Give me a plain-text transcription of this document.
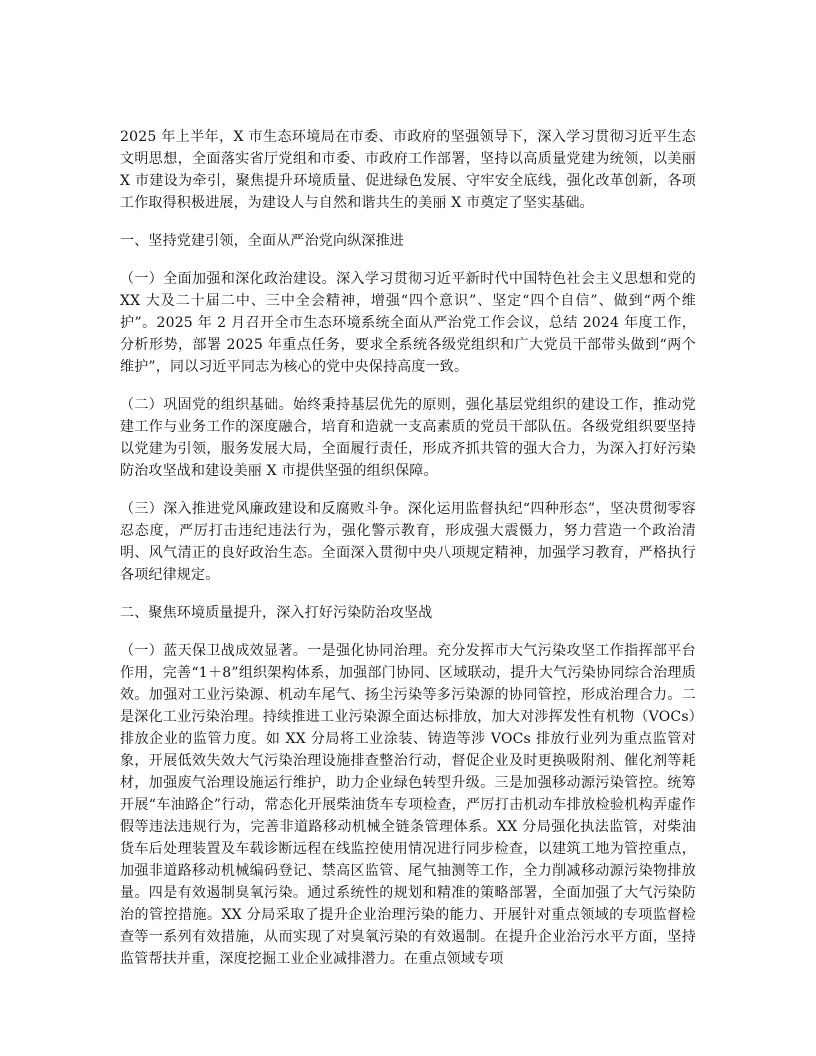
2025 年上半年，X 市生态环境局在市委、市政府的坚强领导下，深入学习贯彻习近平生态文明思想，全面落实省厅党组和市委、市政府工作部署，坚持以高质量党建为统领，以美丽 X 市建设为牵引，聚焦提升环境质量、促进绿色发展、守牢安全底线，强化改革创新，各项工作取得积极进展，为建设人与自然和谐共生的美丽 X 市奠定了坚实基础。

一、坚持党建引领，全面从严治党向纵深推进

（一）全面加强和深化政治建设。深入学习贯彻习近平新时代中国特色社会主义思想和党的 XX 大及二十届二中、三中全会精神，增强“四个意识”、坚定“四个自信”、做到“两个维护”。2025 年 2 月召开全市生态环境系统全面从严治党工作会议，总结 2024 年度工作，分析形势，部署 2025 年重点任务，要求全系统各级党组织和广大党员干部带头做到“两个维护”，同以习近平同志为核心的党中央保持高度一致。

（二）巩固党的组织基础。始终秉持基层优先的原则，强化基层党组织的建设工作，推动党建工作与业务工作的深度融合，培育和造就一支高素质的党员干部队伍。各级党组织要坚持以党建为引领，服务发展大局，全面履行责任，形成齐抓共管的强大合力，为深入打好污染防治攻坚战和建设美丽 X 市提供坚强的组织保障。

（三）深入推进党风廉政建设和反腐败斗争。深化运用监督执纪“四种形态”，坚决贯彻零容忍态度，严厉打击违纪违法行为，强化警示教育，形成强大震慑力，努力营造一个政治清明、风气清正的良好政治生态。全面深入贯彻中央八项规定精神，加强学习教育，严格执行各项纪律规定。

二、聚焦环境质量提升，深入打好污染防治攻坚战

（一）蓝天保卫战成效显著。一是强化协同治理。充分发挥市大气污染攻坚工作指挥部平台作用，完善“1＋8”组织架构体系，加强部门协同、区域联动，提升大气污染协同综合治理质效。加强对工业污染源、机动车尾气、扬尘污染等多污染源的协同管控，形成治理合力。二是深化工业污染治理。持续推进工业污染源全面达标排放，加大对涉挥发性有机物（VOCs）排放企业的监管力度。如 XX 分局将工业涂装、铸造等涉 VOCs 排放行业列为重点监管对象，开展低效失效大气污染治理设施排查整治行动，督促企业及时更换吸附剂、催化剂等耗材，加强废气治理设施运行维护，助力企业绿色转型升级。三是加强移动源污染管控。统筹开展“车油路企”行动，常态化开展柴油货车专项检查，严厉打击机动车排放检验机构弄虚作假等违法违规行为，完善非道路移动机械全链条管理体系。XX 分局强化执法监管，对柴油货车后处理装置及车载诊断远程在线监控使用情况进行同步检查，以建筑工地为管控重点，加强非道路移动机械编码登记、禁高区监管、尾气抽测等工作，全力削减移动源污染物排放量。四是有效遏制臭氧污染。通过系统性的规划和精准的策略部署，全面加强了大气污染防治的管控措施。XX 分局采取了提升企业治理污染的能力、开展针对重点领域的专项监督检查等一系列有效措施，从而实现了对臭氧污染的有效遏制。在提升企业治污水平方面，坚持监管帮扶并重，深度挖掘工业企业减排潜力。在重点领域专项
